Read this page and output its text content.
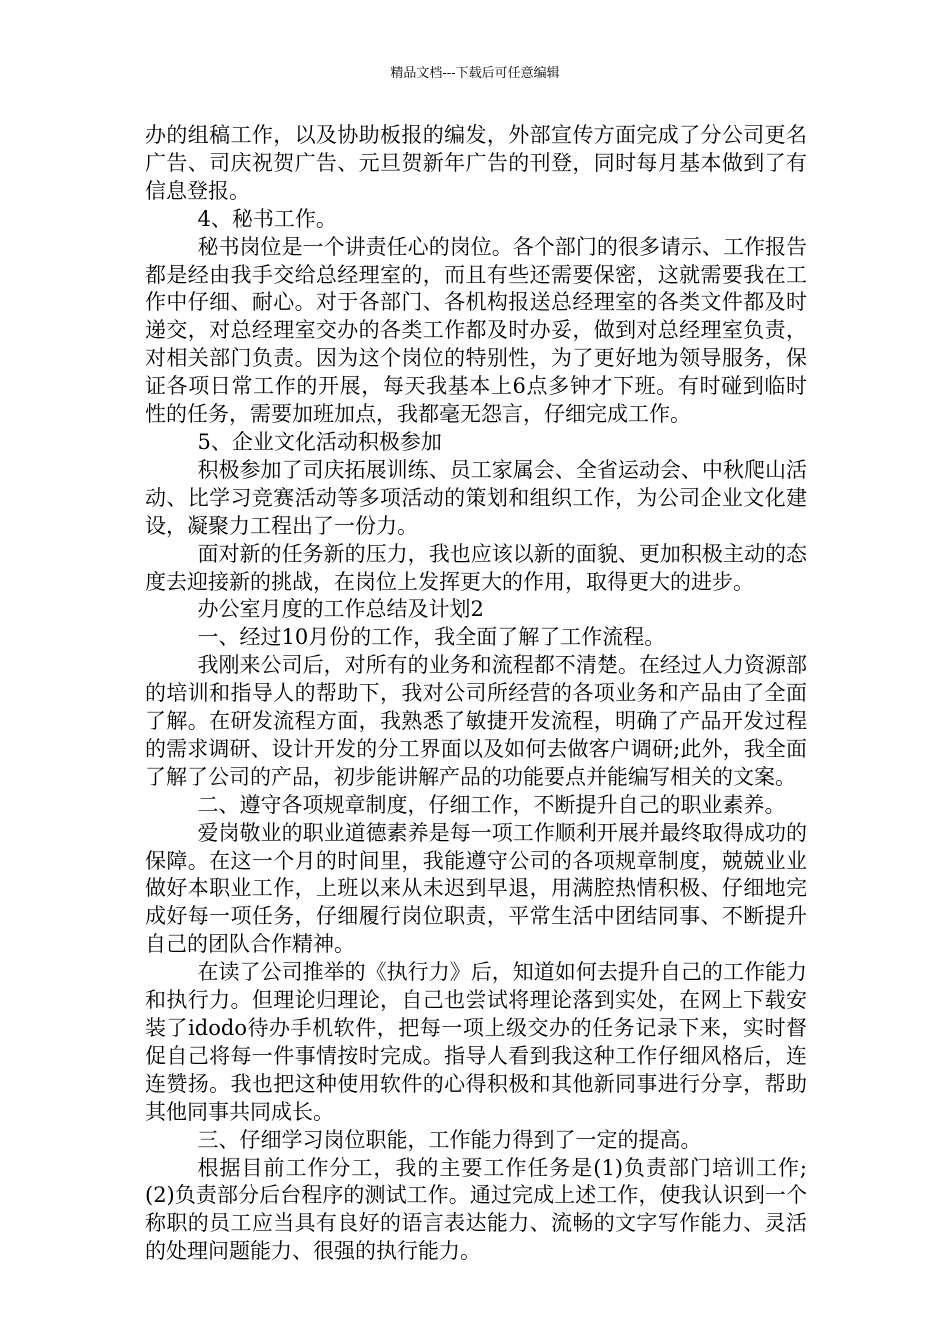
精品文档---下载后可任意编辑

办的组稿工作，以及协助板报的编发，外部宣传方面完成了分公司更名广告、司庆祝贺广告、元旦贺新年广告的刊登，同时每月基本做到了有信息登报。

4、秘书工作。

秘书岗位是一个讲责任心的岗位。各个部门的很多请示、工作报告都是经由我手交给总经理室的，而且有些还需要保密，这就需要我在工作中仔细、耐心。对于各部门、各机构报送总经理室的各类文件都及时递交，对总经理室交办的各类工作都及时办妥，做到对总经理室负责，对相关部门负责。因为这个岗位的特别性，为了更好地为领导服务，保证各项日常工作的开展，每天我基本上6点多钟才下班。有时碰到临时性的任务，需要加班加点，我都毫无怨言，仔细完成工作。

5、企业文化活动积极参加

积极参加了司庆拓展训练、员工家属会、全省运动会、中秋爬山活动、比学习竞赛活动等多项活动的策划和组织工作，为公司企业文化建设，凝聚力工程出了一份力。

面对新的任务新的压力，我也应该以新的面貌、更加积极主动的态度去迎接新的挑战，在岗位上发挥更大的作用，取得更大的进步。

办公室月度的工作总结及计划2

一、经过10月份的工作，我全面了解了工作流程。

我刚来公司后，对所有的业务和流程都不清楚。在经过人力资源部的培训和指导人的帮助下，我对公司所经营的各项业务和产品由了全面了解。在研发流程方面，我熟悉了敏捷开发流程，明确了产品开发过程的需求调研、设计开发的分工界面以及如何去做客户调研;此外，我全面了解了公司的产品，初步能讲解产品的功能要点并能编写相关的文案。

二、遵守各项规章制度，仔细工作，不断提升自己的职业素养。

爱岗敬业的职业道德素养是每一项工作顺利开展并最终取得成功的保障。在这一个月的时间里，我能遵守公司的各项规章制度，兢兢业业做好本职业工作，上班以来从未迟到早退，用满腔热情积极、仔细地完成好每一项任务，仔细履行岗位职责，平常生活中团结同事、不断提升自己的团队合作精神。

在读了公司推举的《执行力》后，知道如何去提升自己的工作能力和执行力。但理论归理论，自己也尝试将理论落到实处，在网上下载安装了idodo待办手机软件，把每一项上级交办的任务记录下来，实时督促自己将每一件事情按时完成。指导人看到我这种工作仔细风格后，连连赞扬。我也把这种使用软件的心得积极和其他新同事进行分享，帮助其他同事共同成长。

三、仔细学习岗位职能，工作能力得到了一定的提高。

根据目前工作分工，我的主要工作任务是(1)负责部门培训工作;(2)负责部分后台程序的测试工作。通过完成上述工作，使我认识到一个称职的员工应当具有良好的语言表达能力、流畅的文字写作能力、灵活的处理问题能力、很强的执行能力。
